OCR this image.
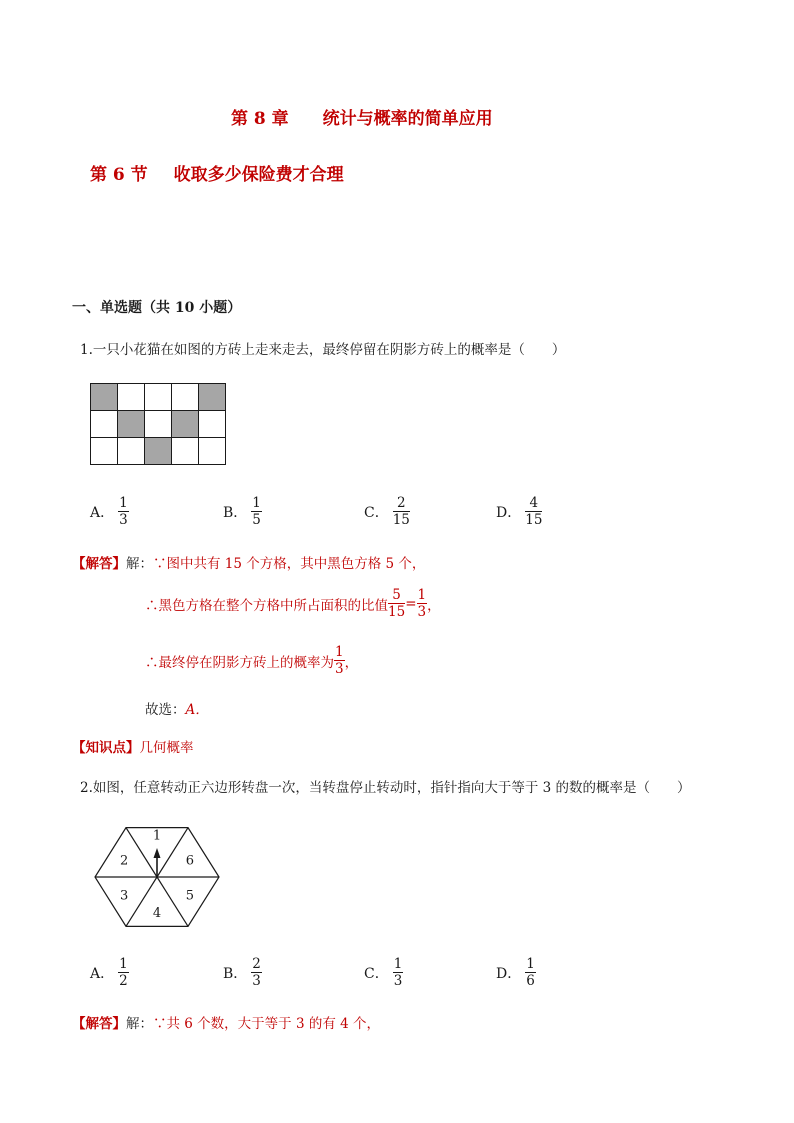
第 8 章 统计与概率的简单应用
第 6 节 收取多少保险费才合理
一、单选题（共 10 小题）
1.一只小花猫在如图的方砖上走来走去，最终停留在阴影方砖上的概率是（　　）
A． $\frac{1}{3}$	B． $\frac{1}{5}$	C． $\frac{2}{15}$	D． $\frac{4}{15}$
【解答】 解： ∵图中共有 15 个方格，其中黑色方格 5 个，
∴黑色方格在整个方格中所占面积的比值 $\frac{5}{15} = \frac{1}{3}$ ，
∴最终停在阴影方砖上的概率为 $\frac{1}{3}$ ，
故选： A．
【知识点】 几何概率
2.如图，任意转动正六边形转盘一次，当转盘停止转动时，指针指向大于等于 3 的数的概率是（　　）
1
6
5
4
3
2
A． $\frac{1}{2}$	B． $\frac{2}{3}$	C． $\frac{1}{3}$	D． $\frac{1}{6}$
【解答】 解： ∵共 6 个数，大于等于 3 的有 4 个，
